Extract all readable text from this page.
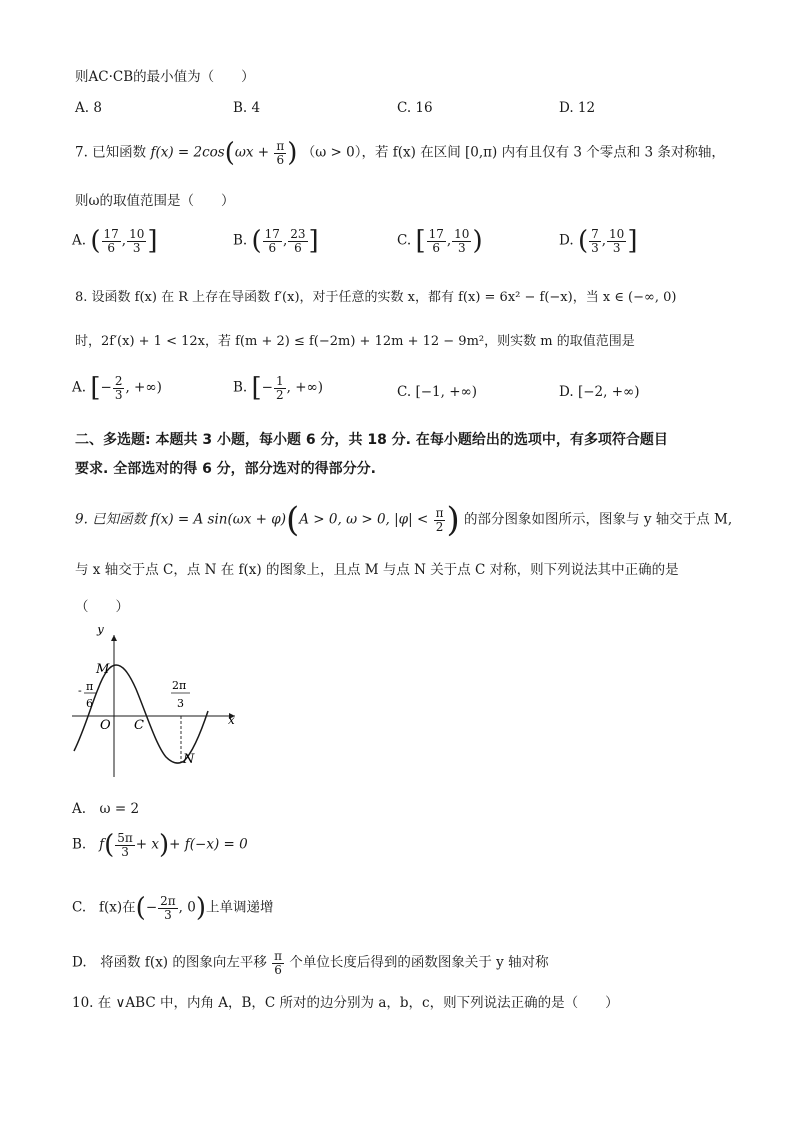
则AC·CB的最小值为（　　）
A. 8	B. 4	C. 16	D. 12
7. 已知函数 $f(x) = 2\cos(\omega x + \frac{\pi}{6}$ ) （ω > 0），若 f(x) 在区间 [0,π) 内有且仅有 3 个零点和 3 条对称轴，
则ω的取值范围是（　　）
A. ( $\frac{17}{6}$ , $\frac{10}{3}$ ]	B. ( $\frac{17}{6}$ , $\frac{23}{6}$ ]	C. [ $\frac{17}{6}$ , $\frac{10}{3}$ )	D. ( $\frac{7}{3}$ , $\frac{10}{3}$ ]
8. 设函数 f(x) 在 R 上存在导函数 f′(x)，对于任意的实数 x，都有 f(x) = 6x² − f(−x)，当 x ∈ (−∞, 0)
时，2f′(x) + 1 < 12x，若 f(m + 2) ≤ f(−2m) + 12m + 12 − 9m²，则实数 m 的取值范围是
A. [− $\frac{2}{3}$ , +∞)	B. [− $\frac{1}{2}$ , +∞)	C. [−1, +∞)	D. [−2, +∞)
二、多选题: 本题共 3 小题，每小题 6 分，共 18 分. 在每小题给出的选项中，有多项符合题目
要求. 全部选对的得 6 分，部分选对的得部分分.
9. 已知函数 f(x) = A sin(ωx + φ)(A > 0, ω > 0, $|\varphi| < \frac{\pi}{2}$ ) 的部分图象如图所示，图象与 y 轴交于点 M,
与 x 轴交于点 C，点 N 在 f(x) 的图象上，且点 M 与点 N 关于点 C 对称，则下列说法其中正确的是
（　　）
y
x
M
O C
N
- π
6
2π
3
A.　ω = 2
B. $f( \frac{5\pi}{3} + x)+ f(-x) = 0$
C. f(x)在(− $\frac{2\pi}{3}$ , 0)上单调递增
D.　将函数 f(x) 的图象向左平移 $\frac{\pi}{6}$ 个单位长度后得到的函数图象关于 y 轴对称
10. 在 ∨ABC 中，内角 A，B，C 所对的边分别为 a，b，c，则下列说法正确的是（　　）
